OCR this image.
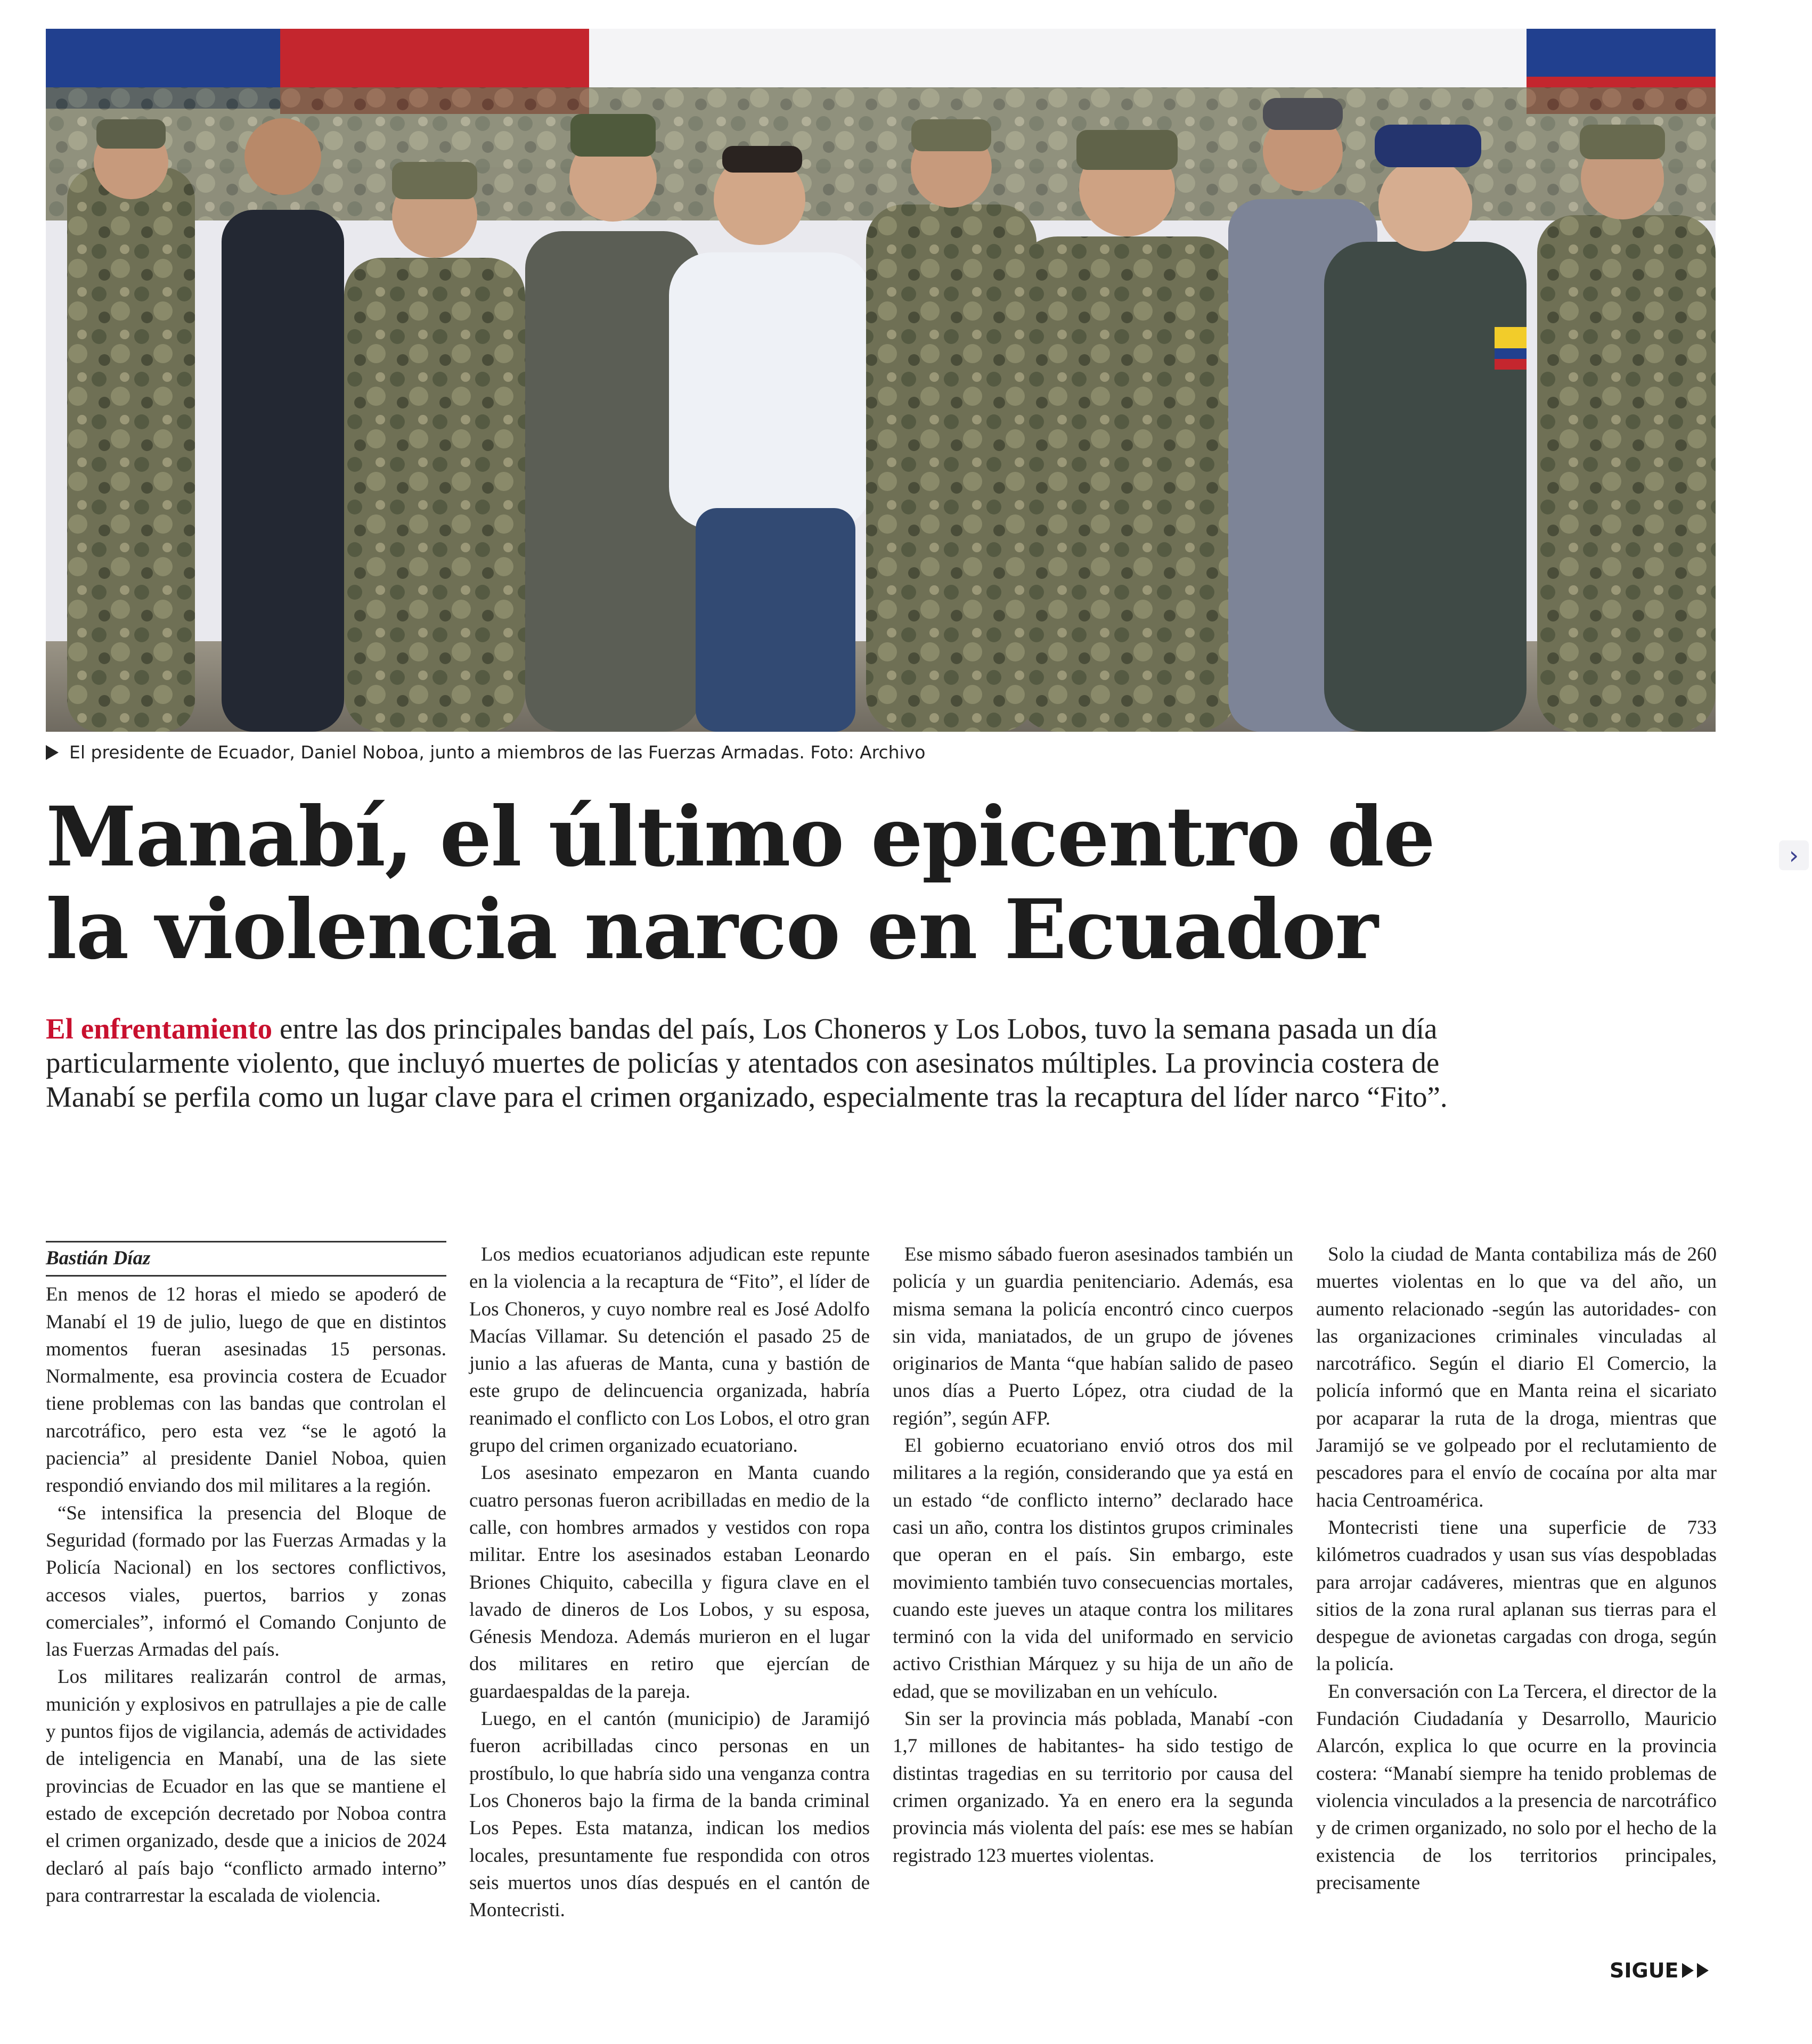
El presidente de Ecuador, Daniel Noboa, junto a miembros de las Fuerzas Armadas. Foto: Archivo
›
Manabí, el último epicentro de
la violencia narco en Ecuador
El enfrentamiento entre las dos principales bandas del país, Los Choneros y Los Lobos, tuvo la semana pasada un día
particularmente violento, que incluyó muertes de policías y atentados con asesinatos múltiples. La provincia costera de
Manabí se perfila como un lugar clave para el crimen organizado, especialmente tras la recaptura del líder narco “Fito”.
Bastián Díaz

En menos de 12 horas el miedo se apoderó de Manabí el 19 de julio, luego de que en distintos momentos fueran asesinadas 15 personas. Normalmente, esa provincia costera de Ecuador tiene problemas con las bandas que controlan el narcotráfico, pero esta vez “se le agotó la paciencia” al presidente Daniel Noboa, quien respondió enviando dos mil militares a la región.

“Se intensifica la presencia del Bloque de Seguridad (formado por las Fuerzas Armadas y la Policía Nacional) en los sectores conflictivos, accesos viales, puertos, barrios y zonas comerciales”, informó el Comando Conjunto de las Fuerzas Armadas del país.

Los militares realizarán control de armas, munición y explosivos en patrullajes a pie de calle y puntos fijos de vigilancia, además de actividades de inteligencia en Manabí, una de las siete provincias de Ecuador en las que se mantiene el estado de excepción decretado por Noboa contra el crimen organizado, desde que a inicios de 2024 declaró al país bajo “conflicto armado interno” para contrarrestar la escalada de violencia.

Los medios ecuatorianos adjudican este repunte en la violencia a la recaptura de “Fito”, el líder de Los Choneros, y cuyo nombre real es José Adolfo Macías Villamar. Su detención el pasado 25 de junio a las afueras de Manta, cuna y bastión de este grupo de delincuencia organizada, habría reanimado el conflicto con Los Lobos, el otro gran grupo del crimen organizado ecuatoriano.

Los asesinato empezaron en Manta cuando cuatro personas fueron acribilladas en medio de la calle, con hombres armados y vestidos con ropa militar. Entre los asesinados estaban Leonardo Briones Chiquito, cabecilla y figura clave en el lavado de dineros de Los Lobos, y su esposa, Génesis Mendoza. Además murieron en el lugar dos militares en retiro que ejercían de guardaespaldas de la pareja.

Luego, en el cantón (municipio) de Jaramijó fueron acribilladas cinco personas en un prostíbulo, lo que habría sido una venganza contra Los Choneros bajo la firma de la banda criminal Los Pepes. Esta matanza, indican los medios locales, presuntamente fue respondida con otros seis muertos unos días después en el cantón de Montecristi.

Ese mismo sábado fueron asesinados también un policía y un guardia penitenciario. Además, esa misma semana la policía encontró cinco cuerpos sin vida, maniatados, de un grupo de jóvenes originarios de Manta “que habían salido de paseo unos días a Puerto López, otra ciudad de la región”, según AFP.

El gobierno ecuatoriano envió otros dos mil militares a la región, considerando que ya está en un estado “de conflicto interno” declarado hace casi un año, contra los distintos grupos criminales que operan en el país. Sin embargo, este movimiento también tuvo consecuencias mortales, cuando este jueves un ataque contra los militares terminó con la vida del uniformado en servicio activo Cristhian Márquez y su hija de un año de edad, que se movilizaban en un vehículo.

Sin ser la provincia más poblada, Manabí -con 1,7 millones de habitantes- ha sido testigo de distintas tragedias en su territorio por causa del crimen organizado. Ya en enero era la segunda provincia más violenta del país: ese mes se habían registrado 123 muertes violentas.

Solo la ciudad de Manta contabiliza más de 260 muertes violentas en lo que va del año, un aumento relacionado -según las autoridades- con las organizaciones criminales vinculadas al narcotráfico. Según el diario El Comercio, la policía informó que en Manta reina el sicariato por acaparar la ruta de la droga, mientras que Jaramijó se ve golpeado por el reclutamiento de pescadores para el envío de cocaína por alta mar hacia Centroamérica.

Montecristi tiene una superficie de 733 kilómetros cuadrados y usan sus vías despobladas para arrojar cadáveres, mientras que en algunos sitios de la zona rural aplanan sus tierras para el despegue de avionetas cargadas con droga, según la policía.

En conversación con La Tercera, el director de la Fundación Ciudadanía y Desarrollo, Mauricio Alarcón, explica lo que ocurre en la provincia costera: “Manabí siempre ha tenido problemas de violencia vinculados a la presencia de narcotráfico y de crimen organizado, no solo por el hecho de la existencia de los territorios principales, precisamente

SIGUE
